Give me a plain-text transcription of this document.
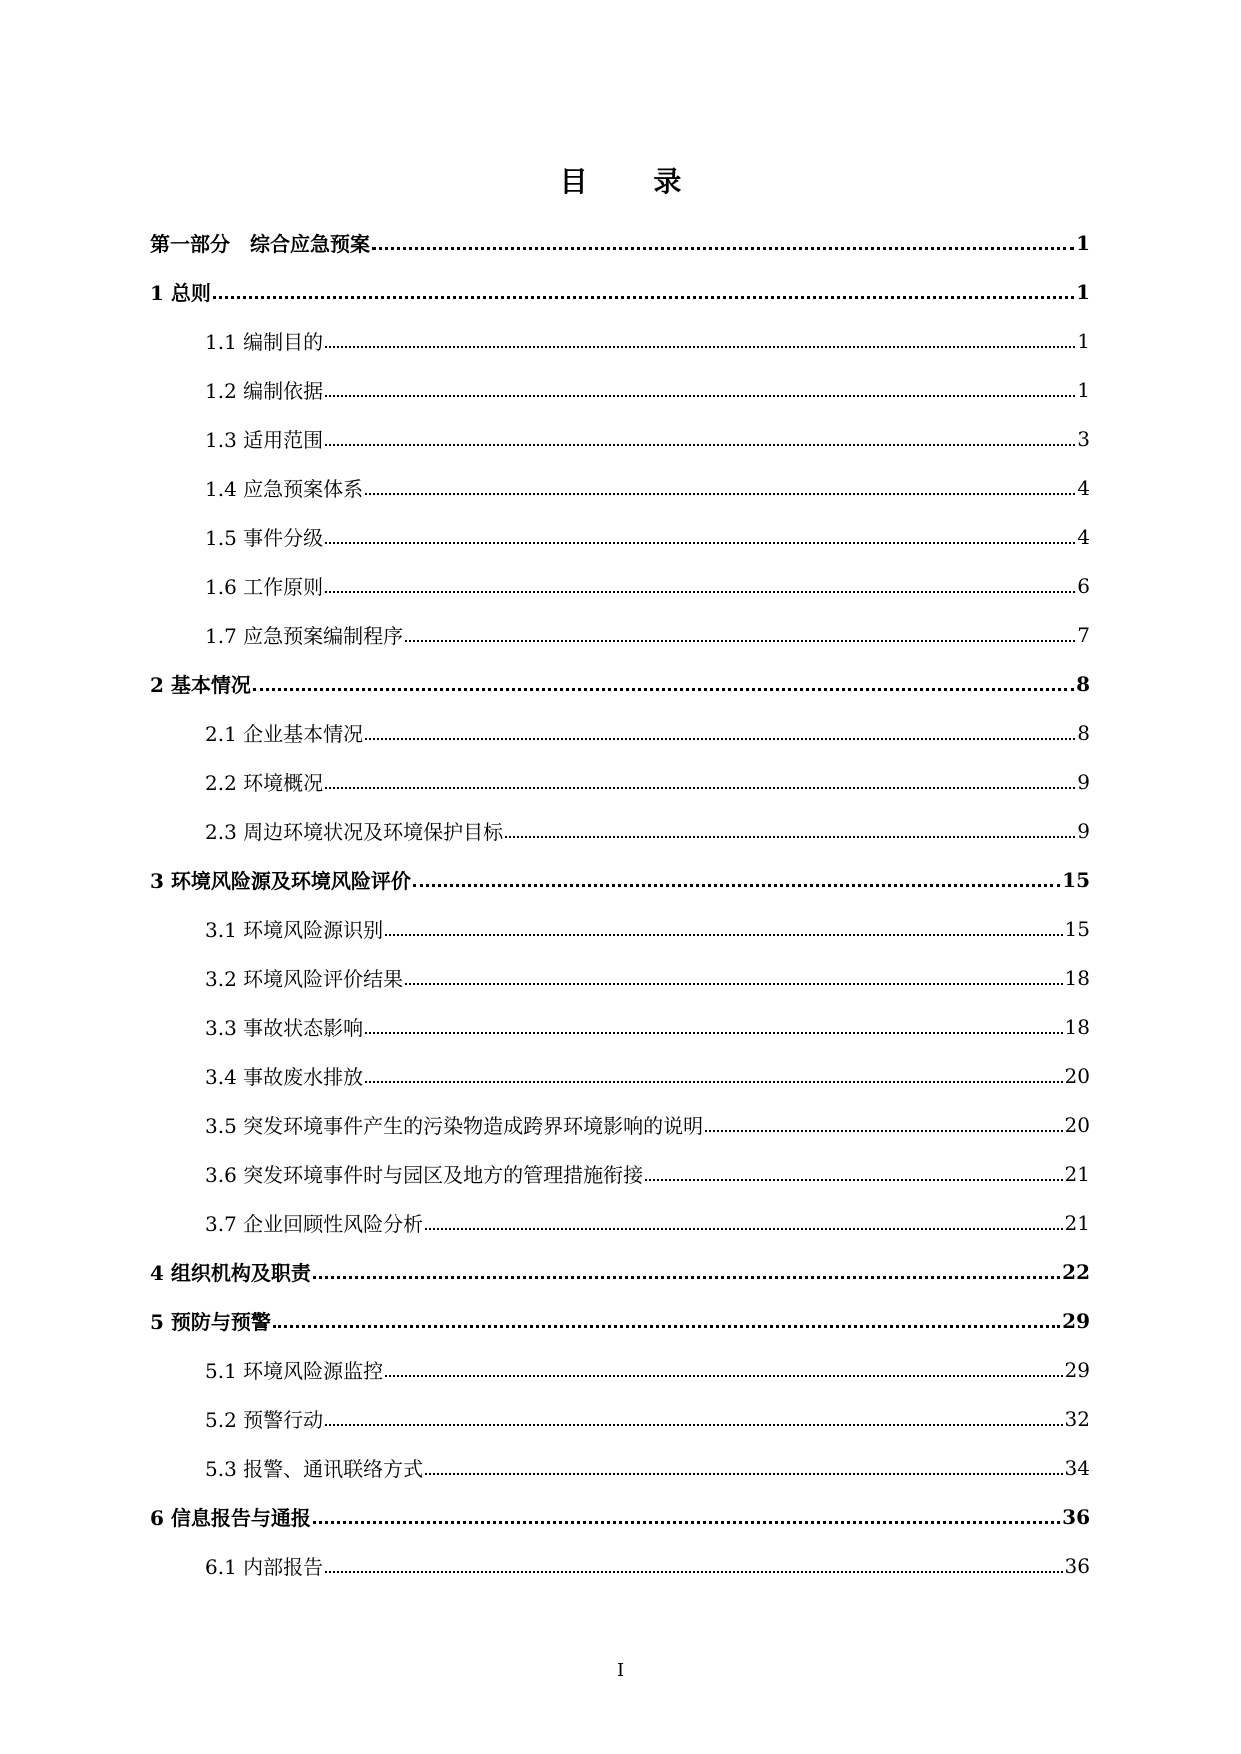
目 录
第一部分　综合应急预案	1
1 总则	1
1.1 编制目的	1
1.2 编制依据	1
1.3 适用范围	3
1.4 应急预案体系	4
1.5 事件分级	4
1.6 工作原则	6
1.7 应急预案编制程序	7
2 基本情况	8
2.1 企业基本情况	8
2.2 环境概况	9
2.3 周边环境状况及环境保护目标	9
3 环境风险源及环境风险评价	15
3.1 环境风险源识别	15
3.2 环境风险评价结果	18
3.3 事故状态影响	18
3.4 事故废水排放	20
3.5 突发环境事件产生的污染物造成跨界环境影响的说明	20
3.6 突发环境事件时与园区及地方的管理措施衔接	21
3.7 企业回顾性风险分析	21
4 组织机构及职责	22
5 预防与预警	29
5.1 环境风险源监控	29
5.2 预警行动	32
5.3 报警、通讯联络方式	34
6 信息报告与通报	36
6.1 内部报告	36
I
